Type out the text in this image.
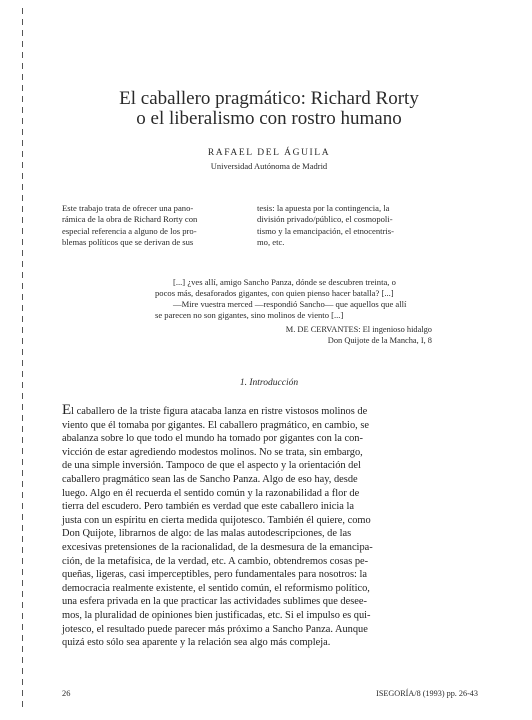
El caballero pragmático: Richard Rorty
o el liberalismo con rostro humano
RAFAEL DEL ÁGUILA
Universidad Autónoma de Madrid
Este trabajo trata de ofrecer una pano-
rámica de la obra de Richard Rorty con
especial referencia a alguno de los pro-
blemas políticos que se derivan de sus
tesis: la apuesta por la contingencia, la
división privado/público, el cosmopoli-
tismo y la emancipación, el etnocentris-
mo, etc.
[...] ¿ves allí, amigo Sancho Panza, dónde se descubren treinta, o
pocos más, desaforados gigantes, con quien pienso hacer batalla? [...]
—Mire vuestra merced —respondió Sancho— que aquellos que allí
se parecen no son gigantes, sino molinos de viento [...]
M. DE CERVANTES: El ingenioso hidalgo
Don Quijote de la Mancha, I, 8
1. Introducción
El caballero de la triste figura atacaba lanza en ristre vistosos molinos de
viento que él tomaba por gigantes. El caballero pragmático, en cambio, se
abalanza sobre lo que todo el mundo ha tomado por gigantes con la con-
vicción de estar agrediendo modestos molinos. No se trata, sin embargo,
de una simple inversión. Tampoco de que el aspecto y la orientación del
caballero pragmático sean las de Sancho Panza. Algo de eso hay, desde
luego. Algo en él recuerda el sentido común y la razonabilidad a flor de
tierra del escudero. Pero también es verdad que este caballero inicia la
justa con un espíritu en cierta medida quijotesco. También él quiere, como
Don Quijote, librarnos de algo: de las malas autodescripciones, de las
excesivas pretensiones de la racionalidad, de la desmesura de la emancipa-
ción, de la metafísica, de la verdad, etc. A cambio, obtendremos cosas pe-
queñas, ligeras, casi imperceptibles, pero fundamentales para nosotros: la
democracia realmente existente, el sentido común, el reformismo político,
una esfera privada en la que practicar las actividades sublimes que desee-
mos, la pluralidad de opiniones bien justificadas, etc. Si el impulso es qui-
jotesco, el resultado puede parecer más próximo a Sancho Panza. Aunque
quizá esto sólo sea aparente y la relación sea algo más compleja.
26	ISEGORÍA/8 (1993) pp. 26-43
